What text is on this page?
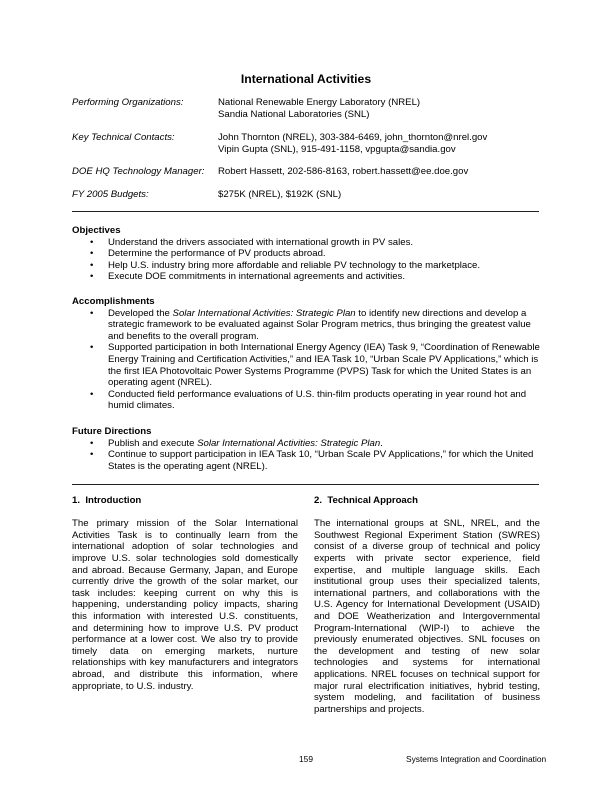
International Activities
Performing Organizations:	National Renewable Energy Laboratory (NREL)
Sandia National Laboratories (SNL)
Key Technical Contacts:	John Thornton (NREL), 303-384-6469, john_thornton@nrel.gov
Vipin Gupta (SNL), 915-491-1158, vpgupta@sandia.gov
DOE HQ Technology Manager: Robert Hassett, 202-586-8163, robert.hassett@ee.doe.gov
FY 2005 Budgets:	$275K (NREL), $192K (SNL)
Objectives
• Understand the drivers associated with international growth in PV sales.
• Determine the performance of PV products abroad.
• Help U.S. industry bring more affordable and reliable PV technology to the marketplace.
• Execute DOE commitments in international agreements and activities.
Accomplishments
• Developed the Solar International Activities: Strategic Plan to identify new directions and develop a strategic framework to be evaluated against Solar Program metrics, thus bringing the greatest value and benefits to the overall program.
• Supported participation in both International Energy Agency (IEA) Task 9, “Coordination of Renewable Energy Training and Certification Activities,” and IEA Task 10, “Urban Scale PV Applications,” which is the first IEA Photovoltaic Power Systems Programme (PVPS) Task for which the United States is an operating agent (NREL).
• Conducted field performance evaluations of U.S. thin-film products operating in year round hot and humid climates.
Future Directions
• Publish and execute Solar International Activities: Strategic Plan.
• Continue to support participation in IEA Task 10, “Urban Scale PV Applications,” for which the United States is the operating agent (NREL).
1.  Introduction

The primary mission of the Solar International Activities Task is to continually learn from the international adoption of solar technologies and improve U.S. solar technologies sold domestically and abroad. Because Germany, Japan, and Europe currently drive the growth of the solar market, our task includes: keeping current on why this is happening, understanding policy impacts, sharing this information with interested U.S. constituents, and determining how to improve U.S. PV product performance at a lower cost. We also try to provide timely data on emerging markets, nurture relationships with key manufacturers and integrators abroad, and distribute this information, where appropriate, to U.S. industry.

2.  Technical Approach

The international groups at SNL, NREL, and the Southwest Regional Experiment Station (SWRES) consist of a diverse group of technical and policy experts with private sector experience, field expertise, and multiple language skills. Each institutional group uses their specialized talents, international partners, and collaborations with the U.S. Agency for International Development (USAID) and DOE Weatherization and Intergovernmental Program-International (WIP-I) to achieve the previously enumerated objectives. SNL focuses on the development and testing of new solar technologies and systems for international applications. NREL focuses on technical support for major rural electrification initiatives, hybrid testing, system modeling, and facilitation of business partnerships and projects.

159	Systems Integration and Coordination
